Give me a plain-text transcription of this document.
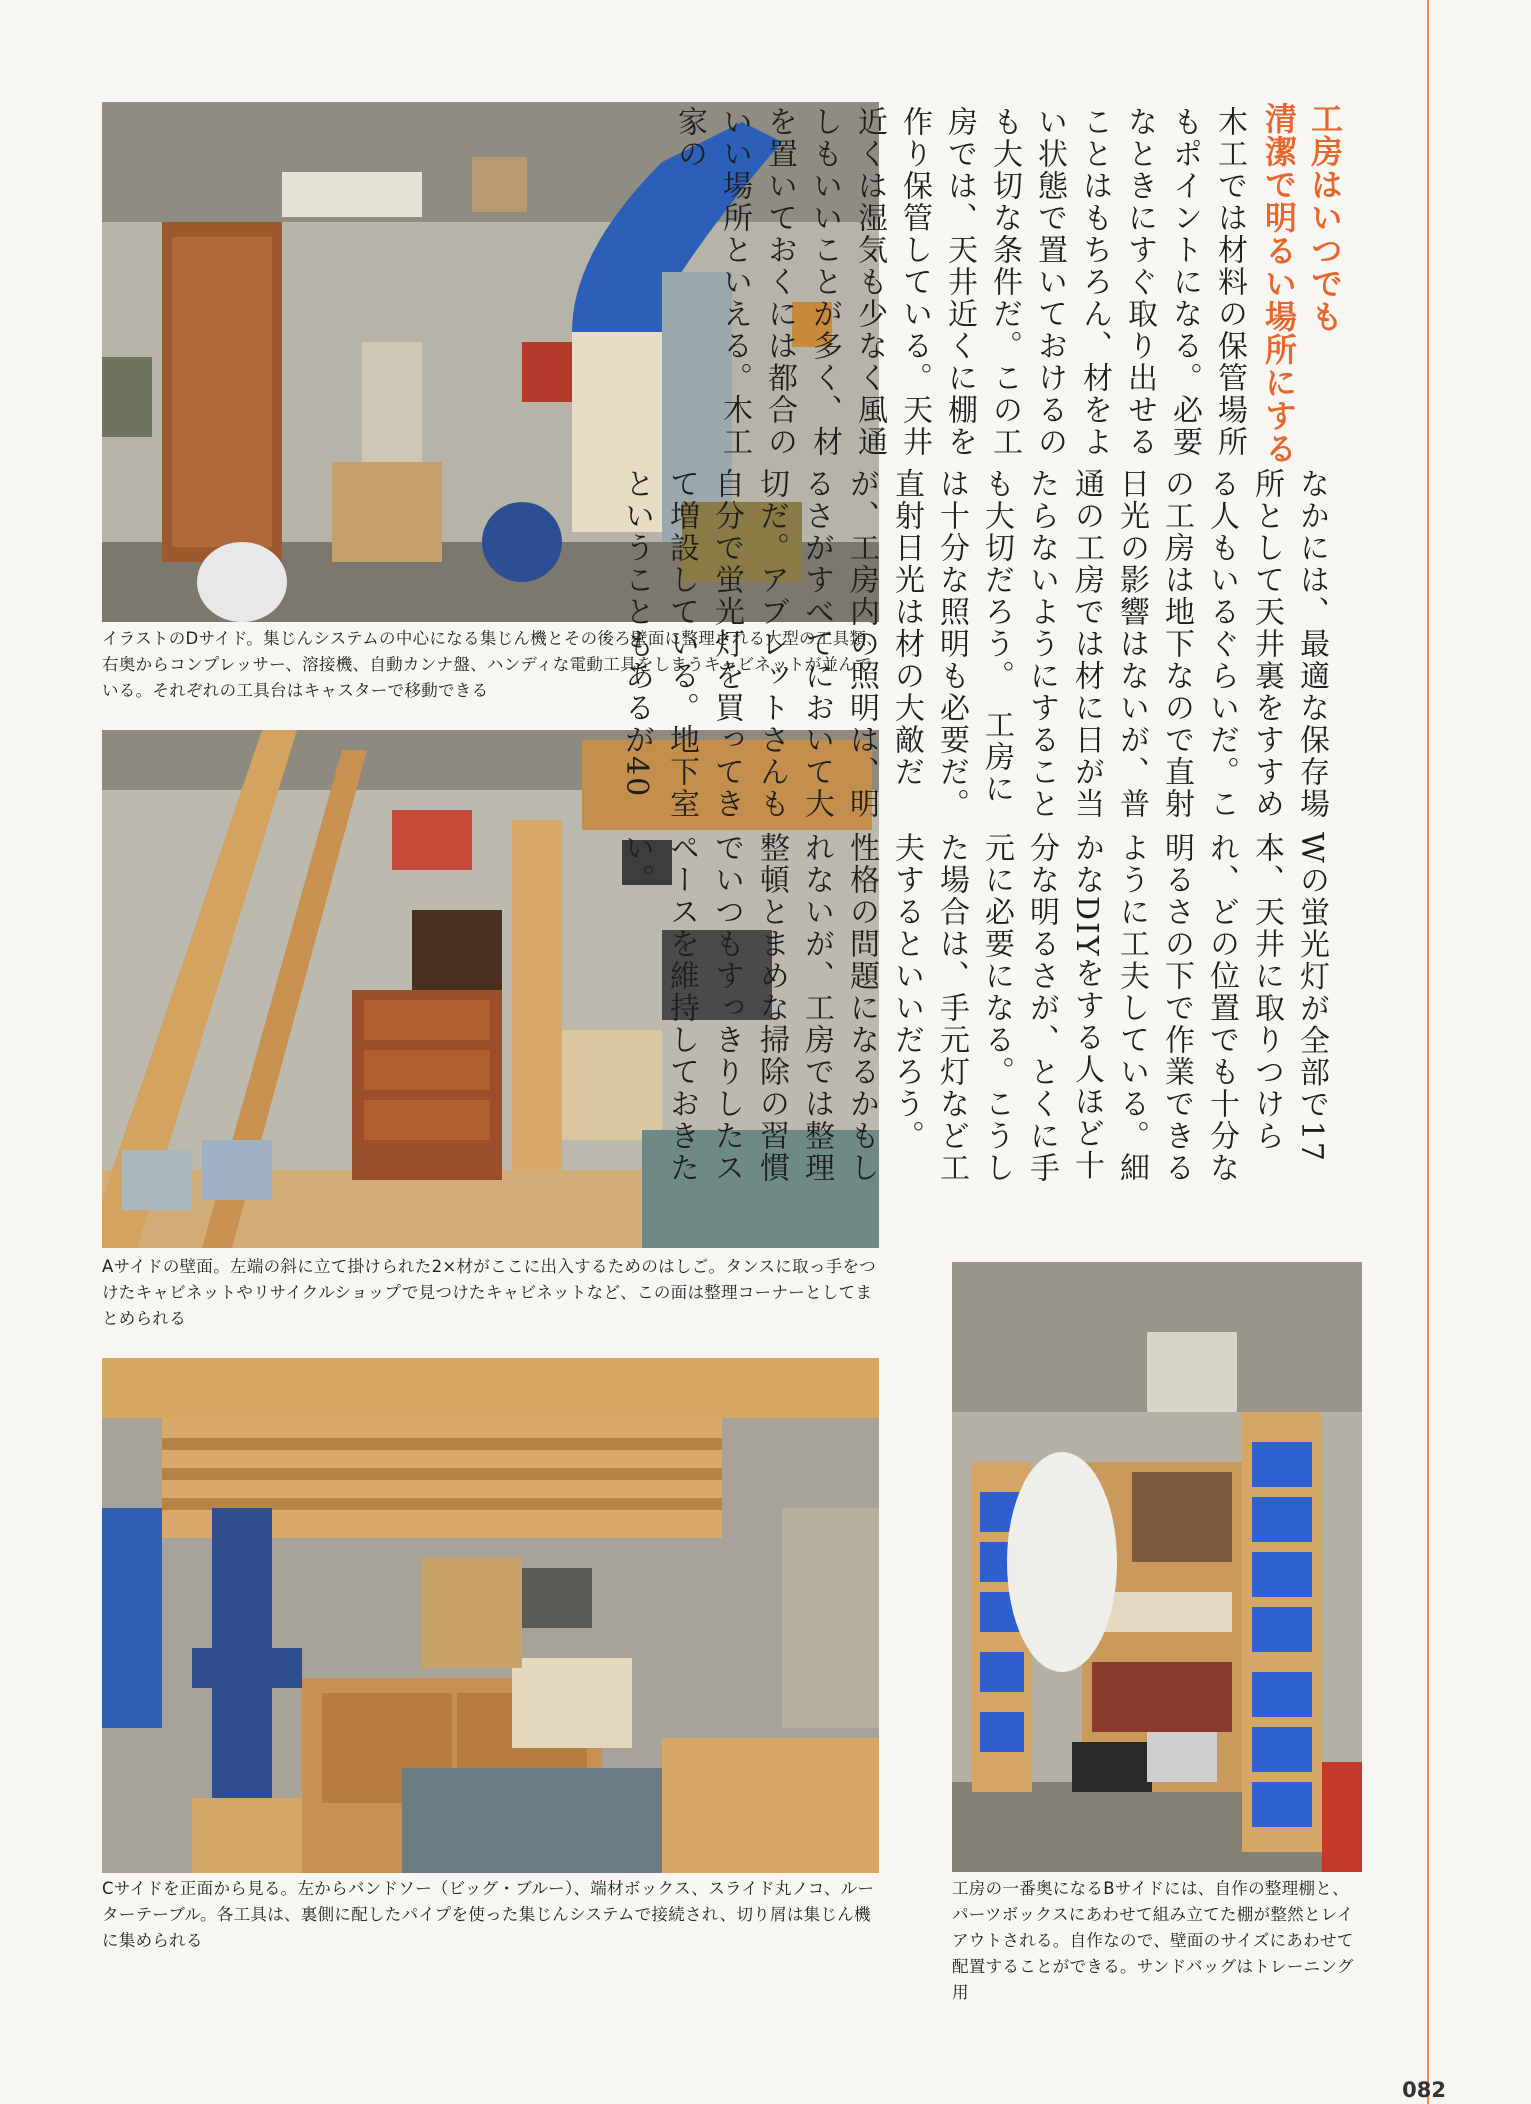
イラストのDサイド。集じんシステムの中心になる集じん機とその後ろ壁面に整理される大型の工具類、右奥からコンプレッサー、溶接機、自動カンナ盤、ハンディな電動工具をしまうキャビネットが並んでいる。それぞれの工具台はキャスターで移動できる
Aサイドの壁面。左端の斜に立て掛けられた2×材がここに出入するためのはしご。タンスに取っ手をつけたキャビネットやリサイクルショップで見つけたキャビネットなど、この面は整理コーナーとしてまとめられる
Cサイドを正面から見る。左からバンドソー（ビッグ・ブルー）、端材ボックス、スライド丸ノコ、ルーターテーブル。各工具は、裏側に配したパイプを使った集じんシステムで接続され、切り屑は集じん機に集められる
工房の一番奥になるBサイドには、自作の整理棚と、パーツボックスにあわせて組み立てた棚が整然とレイアウトされる。自作なので、壁面のサイズにあわせて配置することができる。サンドバッグはトレーニング用
工房はいつでも
清潔で明るい場所にする
木工では材料の保管場所もポイントになる。必要なときにすぐ取り出せることはもちろん、材をよい状態で置いておけるのも大切な条件だ。この工房では、天井近くに棚を作り保管している。天井近くは湿気も少なく風通しもいいことが多く、材を置いておくには都合のいい場所といえる。木工家の
なかには、最適な保存場所として天井裏をすすめる人もいるぐらいだ。この工房は地下なので直射日光の影響はないが、普通の工房では材に日が当たらないようにすることも大切だろう。　工房には十分な照明も必要だ。直射日光は材の大敵だが、工房内の照明は、明るさがすべてにおいて大切だ。アブレットさんも自分で蛍光灯を買ってきて増設している。地下室ということもあるが40
Wの蛍光灯が全部で17本、天井に取りつけられ、どの位置でも十分な明るさの下で作業できるように工夫している。細かなDIYをする人ほど十分な明るさが、とくに手元に必要になる。こうした場合は、手元灯など工夫するといいだろう。　性格の問題になるかもしれないが、工房では整理整頓とまめな掃除の習慣でいつもすっきりしたスペースを維持しておきたい。
082
